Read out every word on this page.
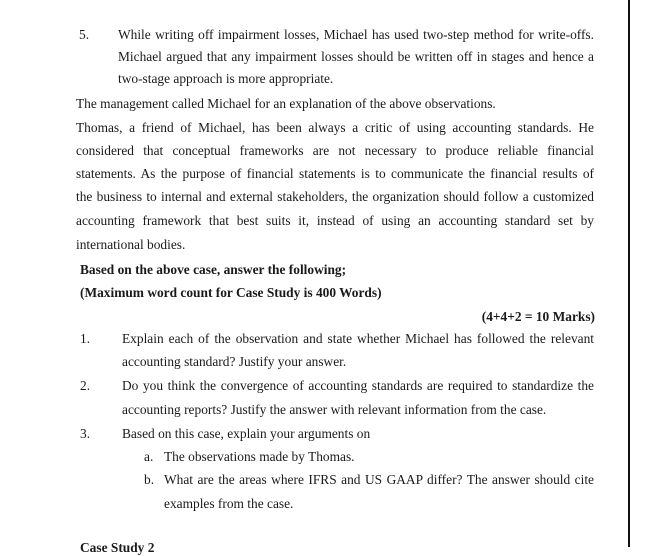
5. While writing off impairment losses, Michael has used two-step method for write-offs.
Michael argued that any impairment losses should be written off in stages and hence a
two-stage approach is more appropriate.
The management called Michael for an explanation of the above observations.
Thomas, a friend of Michael, has been always a critic of using accounting standards. He
considered that conceptual frameworks are not necessary to produce reliable financial
statements. As the purpose of financial statements is to communicate the financial results of
the business to internal and external stakeholders, the organization should follow a customized
accounting framework that best suits it, instead of using an accounting standard set by
international bodies.
Based on the above case, answer the following;
(Maximum word count for Case Study is 400 Words)
(4+4+2 = 10 Marks)
1. Explain each of the observation and state whether Michael has followed the relevant
accounting standard? Justify your answer.
2. Do you think the convergence of accounting standards are required to standardize the
accounting reports? Justify the answer with relevant information from the case.
3. Based on this case, explain your arguments on
a. The observations made by Thomas.
b. What are the areas where IFRS and US GAAP differ? The answer should cite
examples from the case.
Case Study 2
